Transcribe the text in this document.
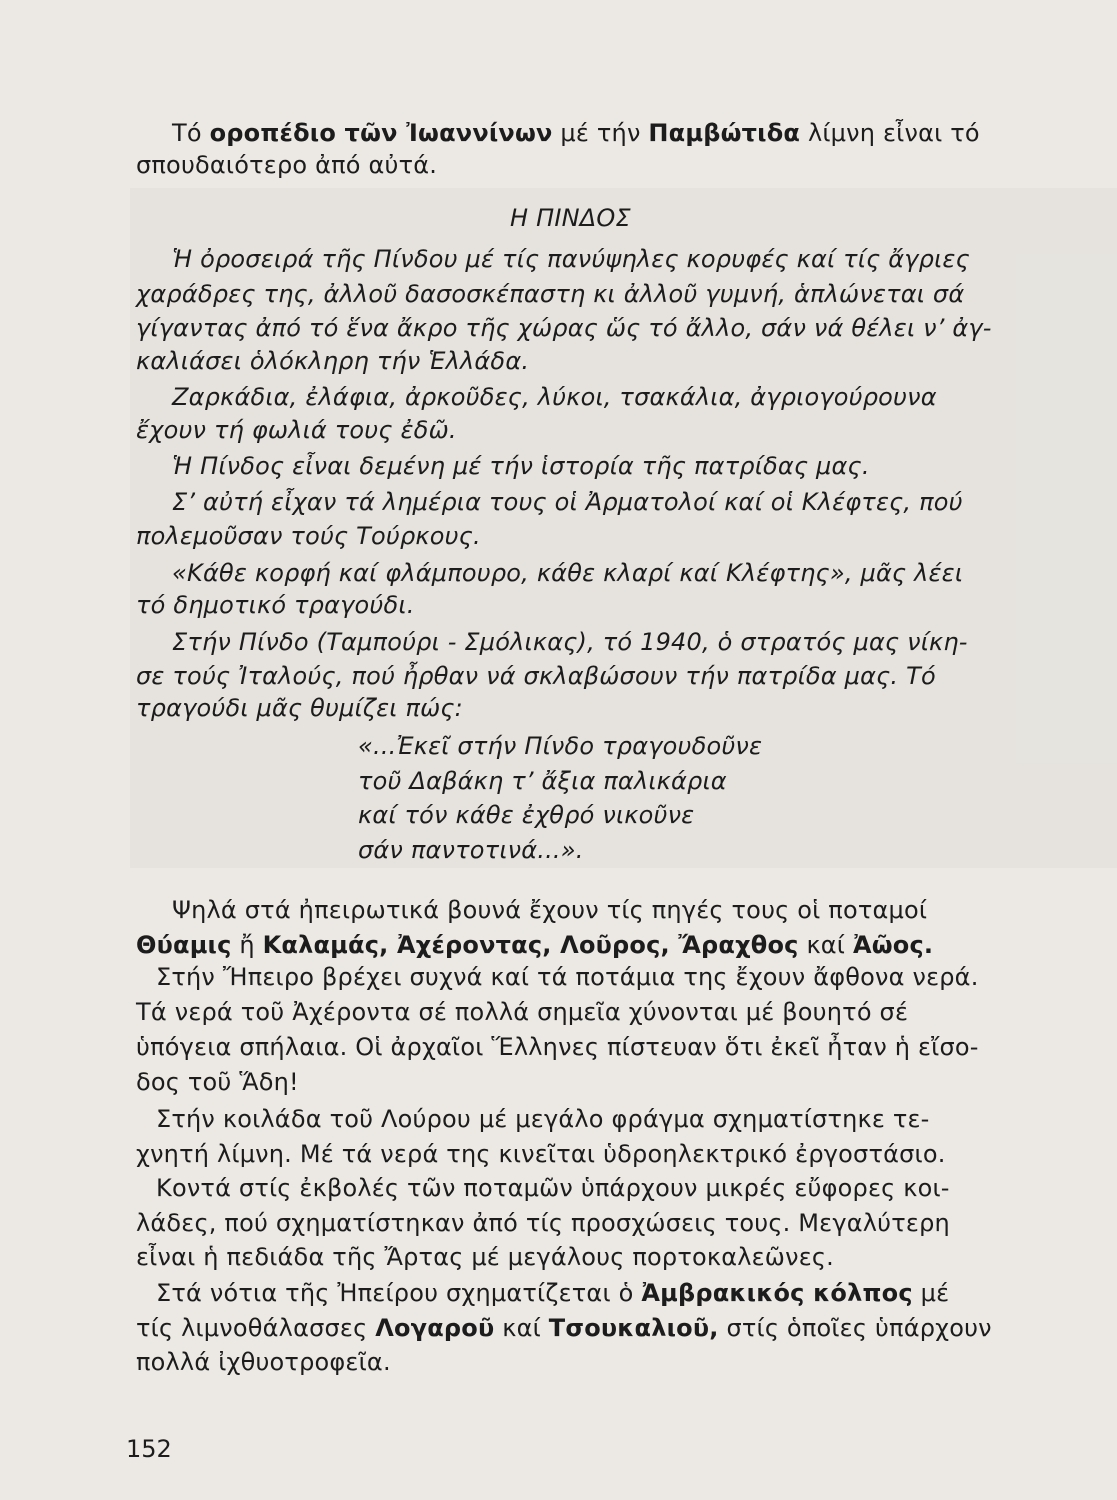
Τό οροπέδιο τῶν Ἰωαννίνων μέ τήν Παμβώτιδα λίμνη εἶναι τό
σπουδαιότερο ἀπό αὐτά.
Η ΠΙΝΔΟΣ
Ἡ ὀροσειρά τῆς Πίνδου μέ τίς πανύψηλες κορυφές καί τίς ἄγριες
χαράδρες της, ἀλλοῦ δασοσκέπαστη κι ἀλλοῦ γυμνή, ἁπλώνεται σά
γίγαντας ἀπό τό ἕνα ἄκρο τῆς χώρας ὥς τό ἄλλο, σάν νά θέλει ν’ ἀγ-
καλιάσει ὁλόκληρη τήν Ἑλλάδα.
Ζαρκάδια, ἐλάφια, ἀρκοῦδες, λύκοι, τσακάλια, ἀγριογούρουνα
ἔχουν τή φωλιά τους ἐδῶ.
Ἡ Πίνδος εἶναι δεμένη μέ τήν ἱστορία τῆς πατρίδας μας.
Σ’ αὐτή εἶχαν τά λημέρια τους οἱ Ἀρματολοί καί οἱ Κλέφτες, πού
πολεμοῦσαν τούς Τούρκους.
«Κάθε κορφή καί φλάμπουρο, κάθε κλαρί καί Κλέφτης», μᾶς λέει
τό δημοτικό τραγούδι.
Στήν Πίνδο (Ταμπούρι - Σμόλικας), τό 1940, ὁ στρατός μας νίκη-
σε τούς Ἰταλούς, πού ἦρθαν νά σκλαβώσουν τήν πατρίδα μας. Τό
τραγούδι μᾶς θυμίζει πώς:
«...Ἐκεῖ στήν Πίνδο τραγουδοῦνε
τοῦ Δαβάκη τ’ ἄξια παλικάρια
καί τόν κάθε ἐχθρό νικοῦνε
σάν παντοτινά...».
Ψηλά στά ἠπειρωτικά βουνά ἔχουν τίς πηγές τους οἱ ποταμοί
Θύαμις ἤ Καλαμάς, Ἀχέροντας, Λοῦρος, Ἄραχθος καί Ἀῶος.
Στήν Ἤπειρο βρέχει συχνά καί τά ποτάμια της ἔχουν ἄφθονα νερά.
Τά νερά τοῦ Ἀχέροντα σέ πολλά σημεῖα χύνονται μέ βουητό σέ
ὑπόγεια σπήλαια. Οἱ ἀρχαῖοι Ἕλληνες πίστευαν ὅτι ἐκεῖ ἦταν ἡ εἴσο-
δος τοῦ Ἅδη!
Στήν κοιλάδα τοῦ Λούρου μέ μεγάλο φράγμα σχηματίστηκε τε-
χνητή λίμνη. Μέ τά νερά της κινεῖται ὑδροηλεκτρικό ἐργοστάσιο.
Κοντά στίς ἐκβολές τῶν ποταμῶν ὑπάρχουν μικρές εὔφορες κοι-
λάδες, πού σχηματίστηκαν ἀπό τίς προσχώσεις τους. Μεγαλύτερη
εἶναι ἡ πεδιάδα τῆς Ἄρτας μέ μεγάλους πορτοκαλεῶνες.
Στά νότια τῆς Ἠπείρου σχηματίζεται ὁ Ἀμβρακικός κόλπος μέ
τίς λιμνοθάλασσες Λογαροῦ καί Τσουκαλιοῦ, στίς ὁποῖες ὑπάρχουν
πολλά ἰχθυοτροφεῖα.
152
